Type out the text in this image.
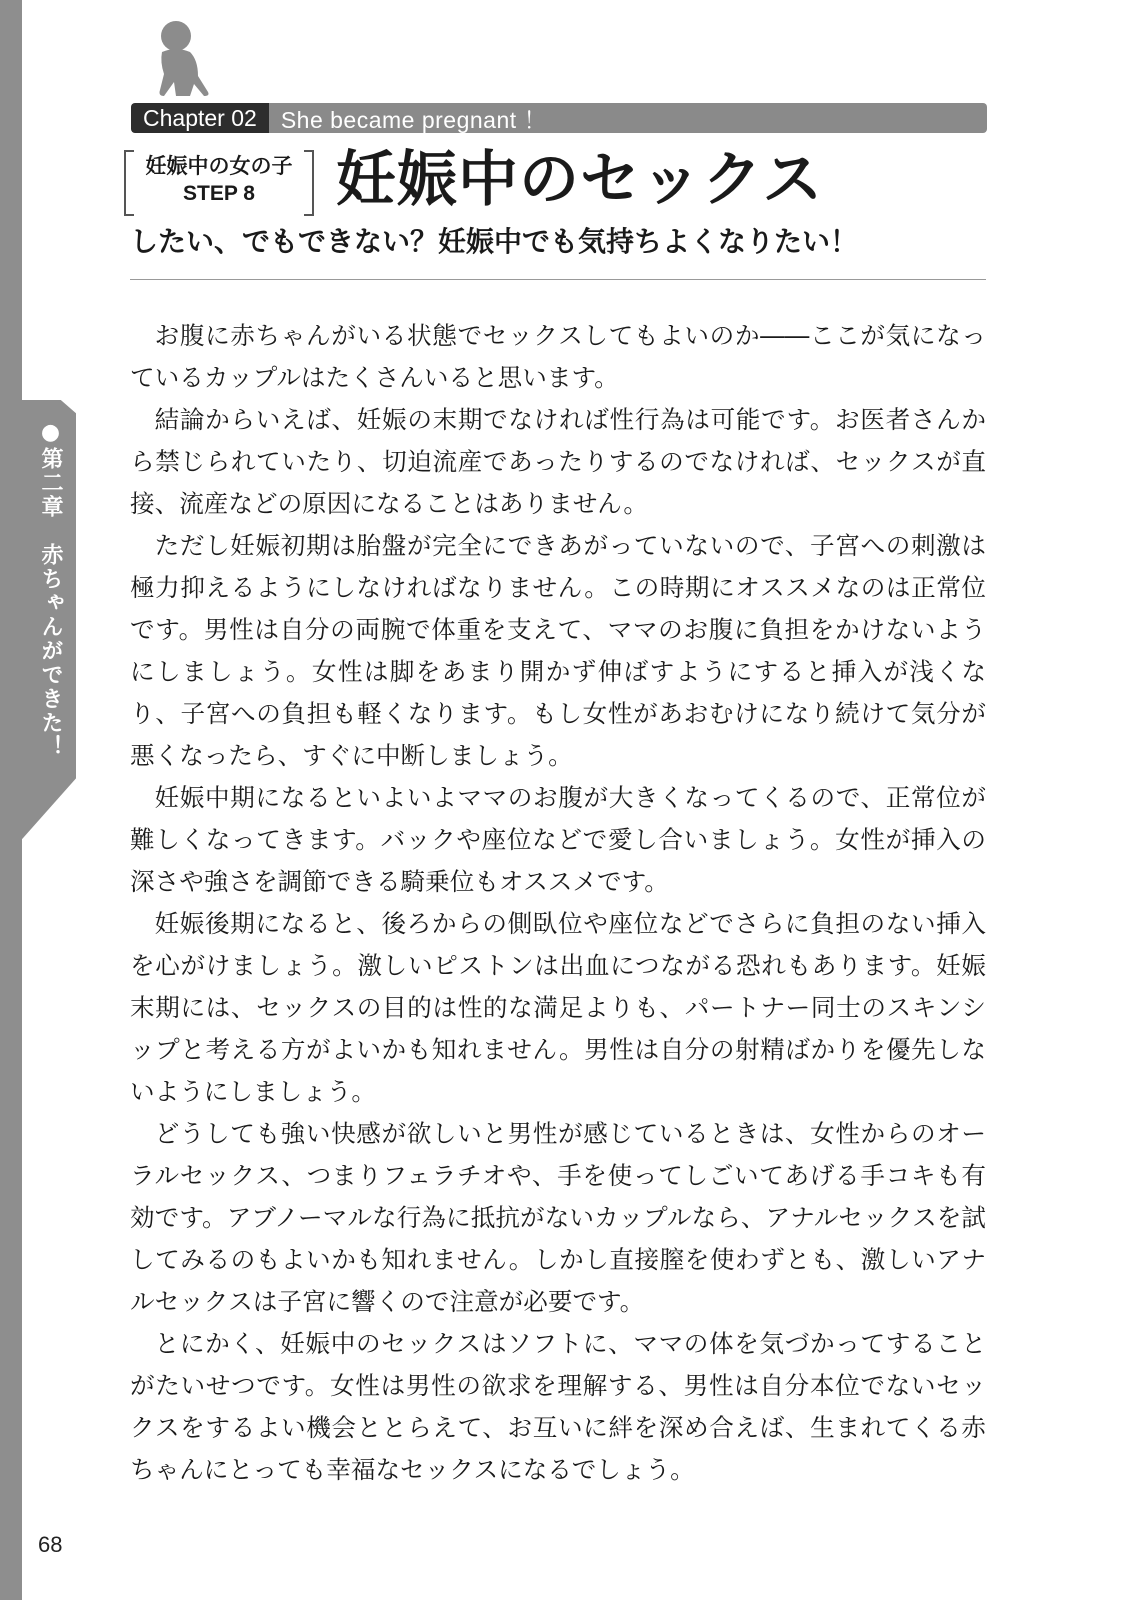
●第二章　赤ちゃんができた！
Chapter 02	She became pregnant ！
妊娠中の女の子
STEP 8	妊娠中のセックス
したい、でもできない？妊娠中でも気持ちよくなりたい！

お腹に赤ちゃんがいる状態でセックスしてもよいのか――ここが気になっているカップルはたくさんいると思います。

結論からいえば、妊娠の末期でなければ性行為は可能です。お医者さんから禁じられていたり、切迫流産であったりするのでなければ、セックスが直接、流産などの原因になることはありません。

ただし妊娠初期は胎盤が完全にできあがっていないので、子宮への刺激は極力抑えるようにしなければなりません。この時期にオススメなのは正常位です。男性は自分の両腕で体重を支えて、ママのお腹に負担をかけないようにしましょう。女性は脚をあまり開かず伸ばすようにすると挿入が浅くなり、子宮への負担も軽くなります。もし女性があおむけになり続けて気分が悪くなったら、すぐに中断しましょう。

妊娠中期になるといよいよママのお腹が大きくなってくるので、正常位が難しくなってきます。バックや座位などで愛し合いましょう。女性が挿入の深さや強さを調節できる騎乗位もオススメです。

妊娠後期になると、後ろからの側臥位や座位などでさらに負担のない挿入を心がけましょう。激しいピストンは出血につながる恐れもあります。妊娠末期には、セックスの目的は性的な満足よりも、パートナー同士のスキンシップと考える方がよいかも知れません。男性は自分の射精ばかりを優先しないようにしましょう。

どうしても強い快感が欲しいと男性が感じているときは、女性からのオーラルセックス、つまりフェラチオや、手を使ってしごいてあげる手コキも有効です。アブノーマルな行為に抵抗がないカップルなら、アナルセックスを試してみるのもよいかも知れません。しかし直接膣を使わずとも、激しいアナルセックスは子宮に響くので注意が必要です。

とにかく、妊娠中のセックスはソフトに、ママの体を気づかってすることがたいせつです。女性は男性の欲求を理解する、男性は自分本位でないセックスをするよい機会ととらえて、お互いに絆を深め合えば、生まれてくる赤ちゃんにとっても幸福なセックスになるでしょう。

68
